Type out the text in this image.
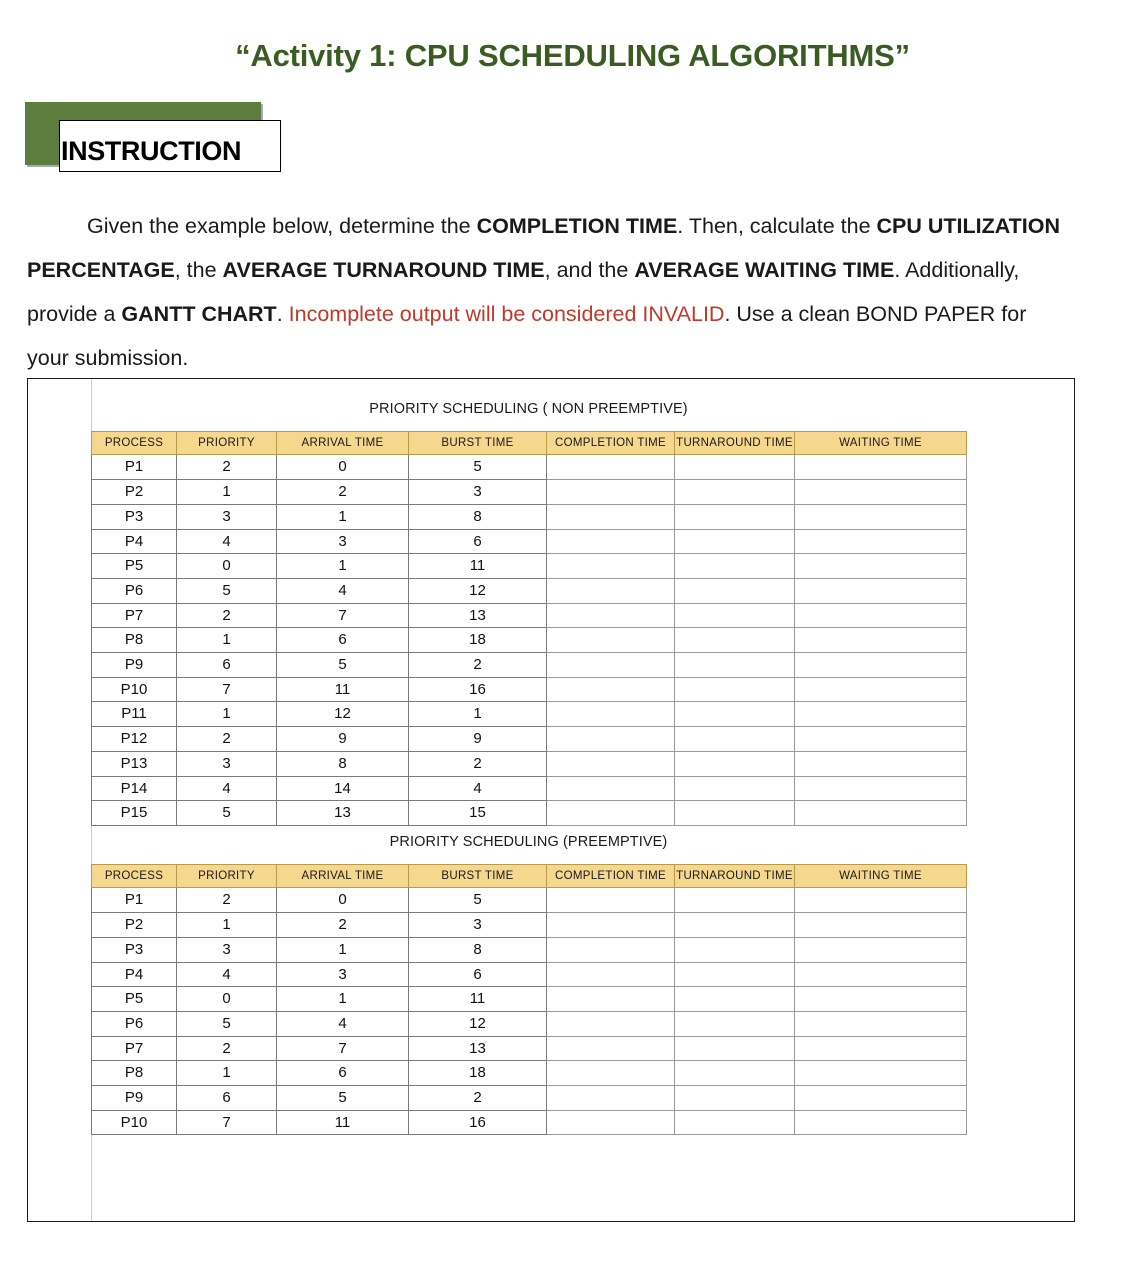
“Activity 1: CPU SCHEDULING ALGORITHMS”
INSTRUCTION
Given the example below, determine the COMPLETION TIME. Then, calculate the CPU UTILIZATION PERCENTAGE, the AVERAGE TURNAROUND TIME, and the AVERAGE WAITING TIME. Additionally, provide a GANTT CHART. Incomplete output will be considered INVALID. Use a clean BOND PAPER for your submission.
PRIORITY SCHEDULING ( NON PREEMPTIVE)
PROCESS	PRIORITY	ARRIVAL TIME	BURST TIME	COMPLETION TIME	TURNAROUND TIME	WAITING TIME
P1	2	0	5			
P2	1	2	3			
P3	3	1	8			
P4	4	3	6			
P5	0	1	11			
P6	5	4	12			
P7	2	7	13			
P8	1	6	18			
P9	6	5	2			
P10	7	11	16			
P11	1	12	1			
P12	2	9	9			
P13	3	8	2			
P14	4	14	4			
P15	5	13	15			
PRIORITY SCHEDULING (PREEMPTIVE)
PROCESS	PRIORITY	ARRIVAL TIME	BURST TIME	COMPLETION TIME	TURNAROUND TIME	WAITING TIME
P1	2	0	5			
P2	1	2	3			
P3	3	1	8			
P4	4	3	6			
P5	0	1	11			
P6	5	4	12			
P7	2	7	13			
P8	1	6	18			
P9	6	5	2			
P10	7	11	16			
